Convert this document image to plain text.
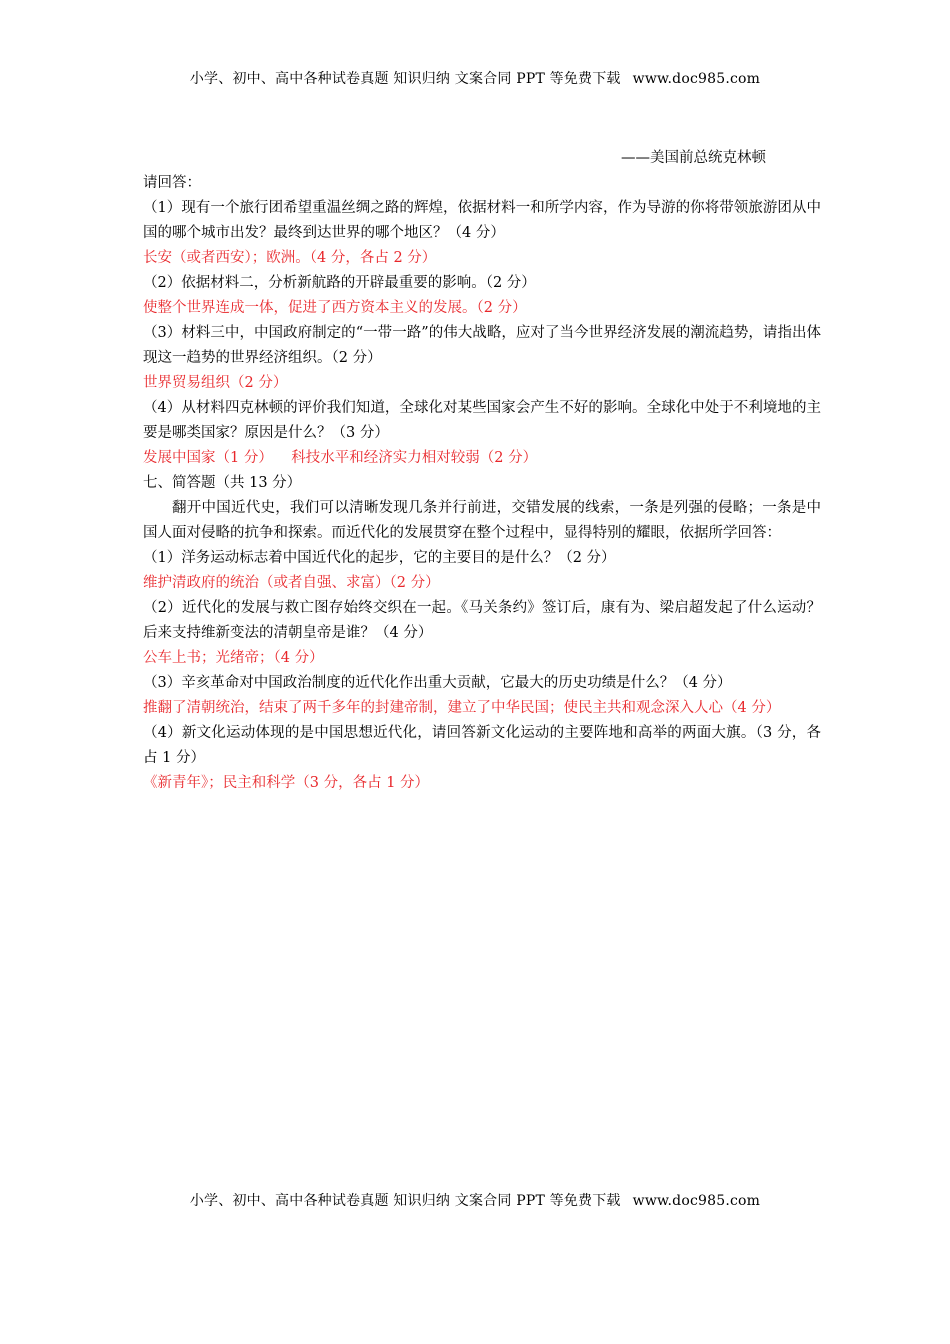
小学、初中、高中各种试卷真题 知识归纳 文案合同 PPT 等免费下载 www.doc985.com

——美国前总统克林顿

请回答：

（1）现有一个旅行团希望重温丝绸之路的辉煌，依据材料一和所学内容，作为导游的你将带领旅游团从中国的哪个城市出发？最终到达世界的哪个地区？（4 分）

长安（或者西安）；欧洲。（4 分，各占 2 分）

（2）依据材料二，分析新航路的开辟最重要的影响。（2 分）

使整个世界连成一体，促进了西方资本主义的发展。（2 分）

（3）材料三中，中国政府制定的“一带一路”的伟大战略，应对了当今世界经济发展的潮流趋势，请指出体现这一趋势的世界经济组织。（2 分）

世界贸易组织（2 分）

（4）从材料四克林顿的评价我们知道，全球化对某些国家会产生不好的影响。全球化中处于不利境地的主要是哪类国家？原因是什么？（3 分）

发展中国家（1 分）    科技水平和经济实力相对较弱（2 分）

七、简答题（共 13 分）

翻开中国近代史，我们可以清晰发现几条并行前进，交错发展的线索，一条是列强的侵略；一条是中国人面对侵略的抗争和探索。而近代化的发展贯穿在整个过程中，显得特别的耀眼，依据所学回答：

（1）洋务运动标志着中国近代化的起步，它的主要目的是什么？（2 分）

维护清政府的统治（或者自强、求富）（2 分）

（2）近代化的发展与救亡图存始终交织在一起。《马关条约》签订后，康有为、梁启超发起了什么运动？后来支持维新变法的清朝皇帝是谁？（4 分）

公车上书；光绪帝；（4 分）

（3）辛亥革命对中国政治制度的近代化作出重大贡献，它最大的历史功绩是什么？（4 分）

推翻了清朝统治，结束了两千多年的封建帝制，建立了中华民国；使民主共和观念深入人心（4 分）

（4）新文化运动体现的是中国思想近代化，请回答新文化运动的主要阵地和高举的两面大旗。（3 分，各占 1 分）

《新青年》；民主和科学（3 分，各占 1 分）

小学、初中、高中各种试卷真题 知识归纳 文案合同 PPT 等免费下载 www.doc985.com
